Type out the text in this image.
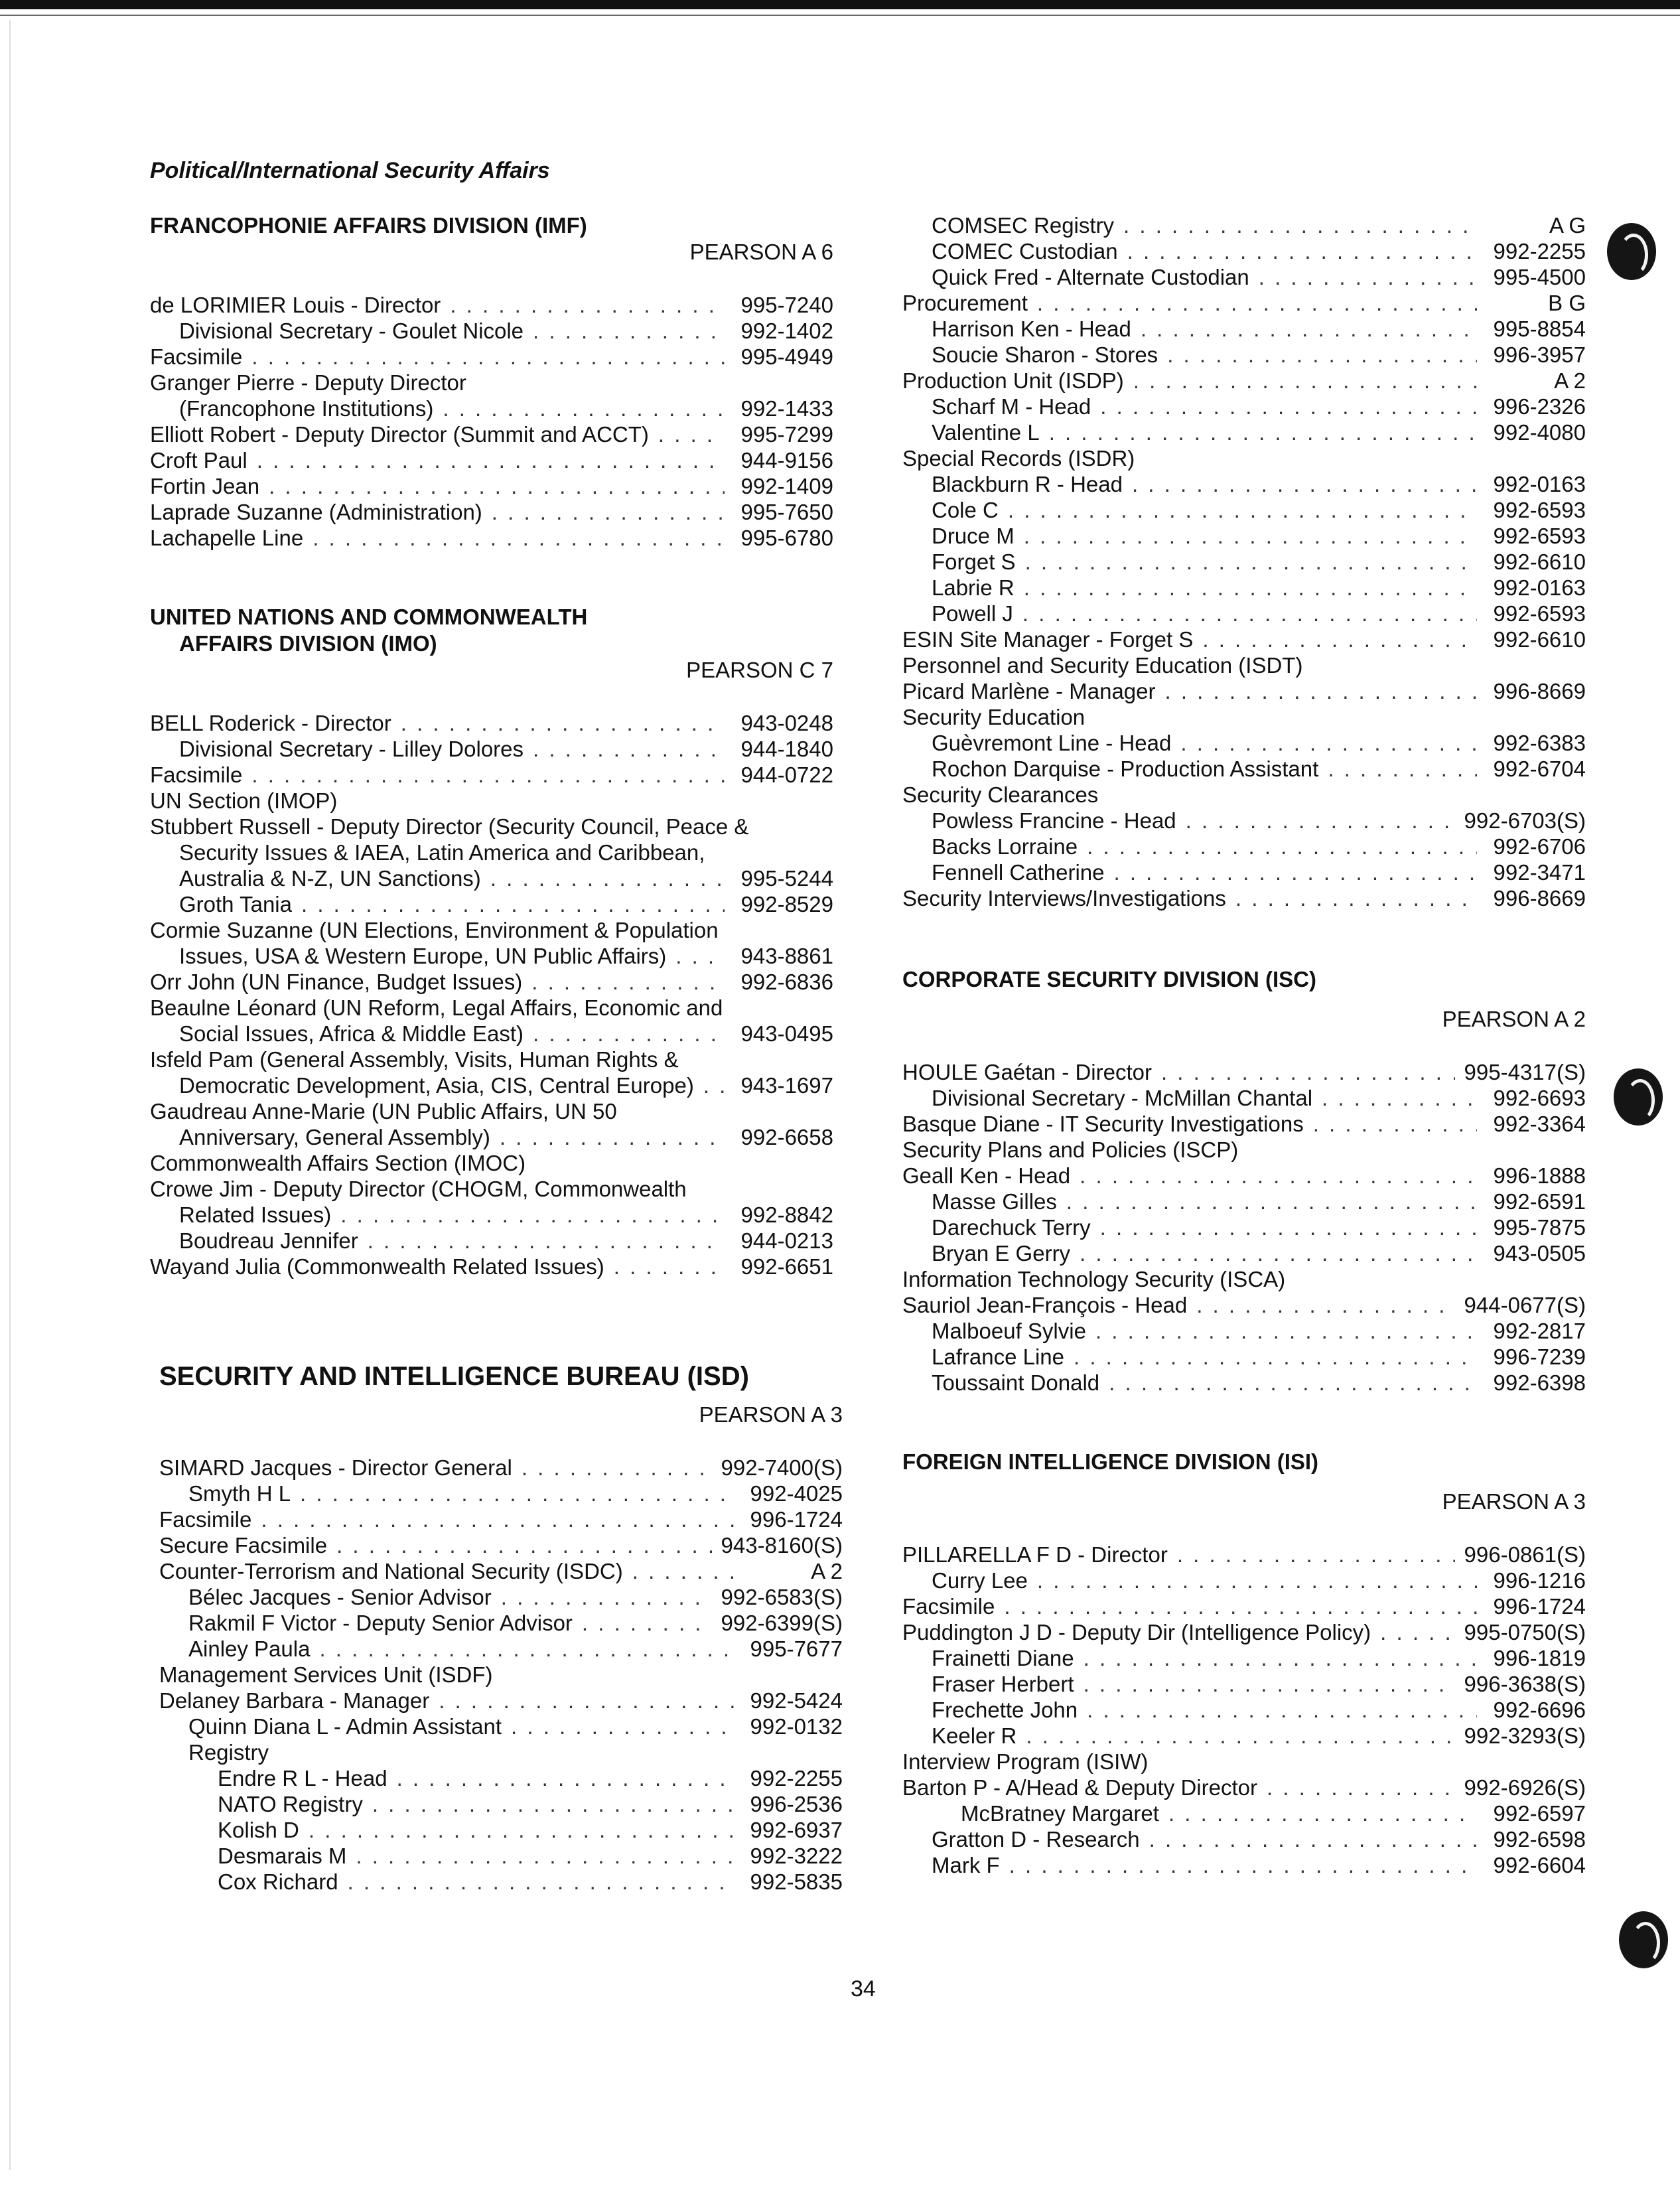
Political/International Security Affairs
FRANCOPHONIE AFFAIRS DIVISION (IMF)
PEARSON A 6
de LORIMIER Louis - Director . . .	995-7240
Divisional Secretary - Goulet Nicole . . .	992-1402
Facsimile . . .	995-4949
Granger Pierre - Deputy Director
(Francophone Institutions) . . .	992-1433
Elliott Robert - Deputy Director (Summit and ACCT) . . .	995-7299
Croft Paul . . .	944-9156
Fortin Jean . . .	992-1409
Laprade Suzanne (Administration) . . .	995-7650
Lachapelle Line . . .	995-6780
UNITED NATIONS AND COMMONWEALTH
AFFAIRS DIVISION (IMO)
PEARSON C 7
BELL Roderick - Director . . .	943-0248
Divisional Secretary - Lilley Dolores . . .	944-1840
Facsimile . . .	944-0722
UN Section (IMOP)
Stubbert Russell - Deputy Director (Security Council, Peace &
Security Issues & IAEA, Latin America and Caribbean,
Australia & N-Z, UN Sanctions) . . .	995-5244
Groth Tania . . .	992-8529
Cormie Suzanne (UN Elections, Environment & Population
Issues, USA & Western Europe, UN Public Affairs) . . .	943-8861
Orr John (UN Finance, Budget Issues) . . .	992-6836
Beaulne Léonard (UN Reform, Legal Affairs, Economic and
Social Issues, Africa & Middle East) . . .	943-0495
Isfeld Pam (General Assembly, Visits, Human Rights &
Democratic Development, Asia, CIS, Central Europe) . . .	943-1697
Gaudreau Anne-Marie (UN Public Affairs, UN 50
Anniversary, General Assembly) . . .	992-6658
Commonwealth Affairs Section (IMOC)
Crowe Jim - Deputy Director (CHOGM, Commonwealth
Related Issues) . . .	992-8842
Boudreau Jennifer . . .	944-0213
Wayand Julia (Commonwealth Related Issues) . . .	992-6651
SECURITY AND INTELLIGENCE BUREAU (ISD)
PEARSON A 3
SIMARD Jacques - Director General . . .	992-7400(S)
Smyth H L . . .	992-4025
Facsimile . . .	996-1724
Secure Facsimile . . .	943-8160(S)
Counter-Terrorism and National Security (ISDC) . . .	A 2
Bélec Jacques - Senior Advisor . . .	992-6583(S)
Rakmil F Victor - Deputy Senior Advisor . . .	992-6399(S)
Ainley Paula . . .	995-7677
Management Services Unit (ISDF)
Delaney Barbara - Manager . . .	992-5424
Quinn Diana L - Admin Assistant . . .	992-0132
Registry
Endre R L - Head . . .	992-2255
NATO Registry . . .	996-2536
Kolish D . . .	992-6937
Desmarais M . . .	992-3222
Cox Richard . . .	992-5835
COMSEC Registry . . .	A G
COMEC Custodian . . .	992-2255
Quick Fred - Alternate Custodian . . .	995-4500
Procurement . . .	B G
Harrison Ken - Head . . .	995-8854
Soucie Sharon - Stores . . .	996-3957
Production Unit (ISDP) . . .	A 2
Scharf M - Head . . .	996-2326
Valentine L . . .	992-4080
Special Records (ISDR)
Blackburn R - Head . . .	992-0163
Cole C . . .	992-6593
Druce M . . .	992-6593
Forget S . . .	992-6610
Labrie R . . .	992-0163
Powell J . . .	992-6593
ESIN Site Manager - Forget S . . .	992-6610
Personnel and Security Education (ISDT)
Picard Marlène - Manager . . .	996-8669
Security Education
Guèvremont Line - Head . . .	992-6383
Rochon Darquise - Production Assistant . . .	992-6704
Security Clearances
Powless Francine - Head . . .	992-6703(S)
Backs Lorraine . . .	992-6706
Fennell Catherine . . .	992-3471
Security Interviews/Investigations . . .	996-8669
CORPORATE SECURITY DIVISION (ISC)
PEARSON A 2
HOULE Gaétan - Director . . .	995-4317(S)
Divisional Secretary - McMillan Chantal . . .	992-6693
Basque Diane - IT Security Investigations . . .	992-3364
Security Plans and Policies (ISCP)
Geall Ken - Head . . .	996-1888
Masse Gilles . . .	992-6591
Darechuck Terry . . .	995-7875
Bryan E Gerry . . .	943-0505
Information Technology Security (ISCA)
Sauriol Jean-François - Head . . .	944-0677(S)
Malboeuf Sylvie . . .	992-2817
Lafrance Line . . .	996-7239
Toussaint Donald . . .	992-6398
FOREIGN INTELLIGENCE DIVISION (ISI)
PEARSON A 3
PILLARELLA F D - Director . . .	996-0861(S)
Curry Lee . . .	996-1216
Facsimile . . .	996-1724
Puddington J D - Deputy Dir (Intelligence Policy) . . .	995-0750(S)
Frainetti Diane . . .	996-1819
Fraser Herbert . . .	996-3638(S)
Frechette John . . .	992-6696
Keeler R . . .	992-3293(S)
Interview Program (ISIW)
Barton P - A/Head & Deputy Director . . .	992-6926(S)
McBratney Margaret . . .	992-6597
Gratton D - Research . . .	992-6598
Mark F . . .	992-6604
34
